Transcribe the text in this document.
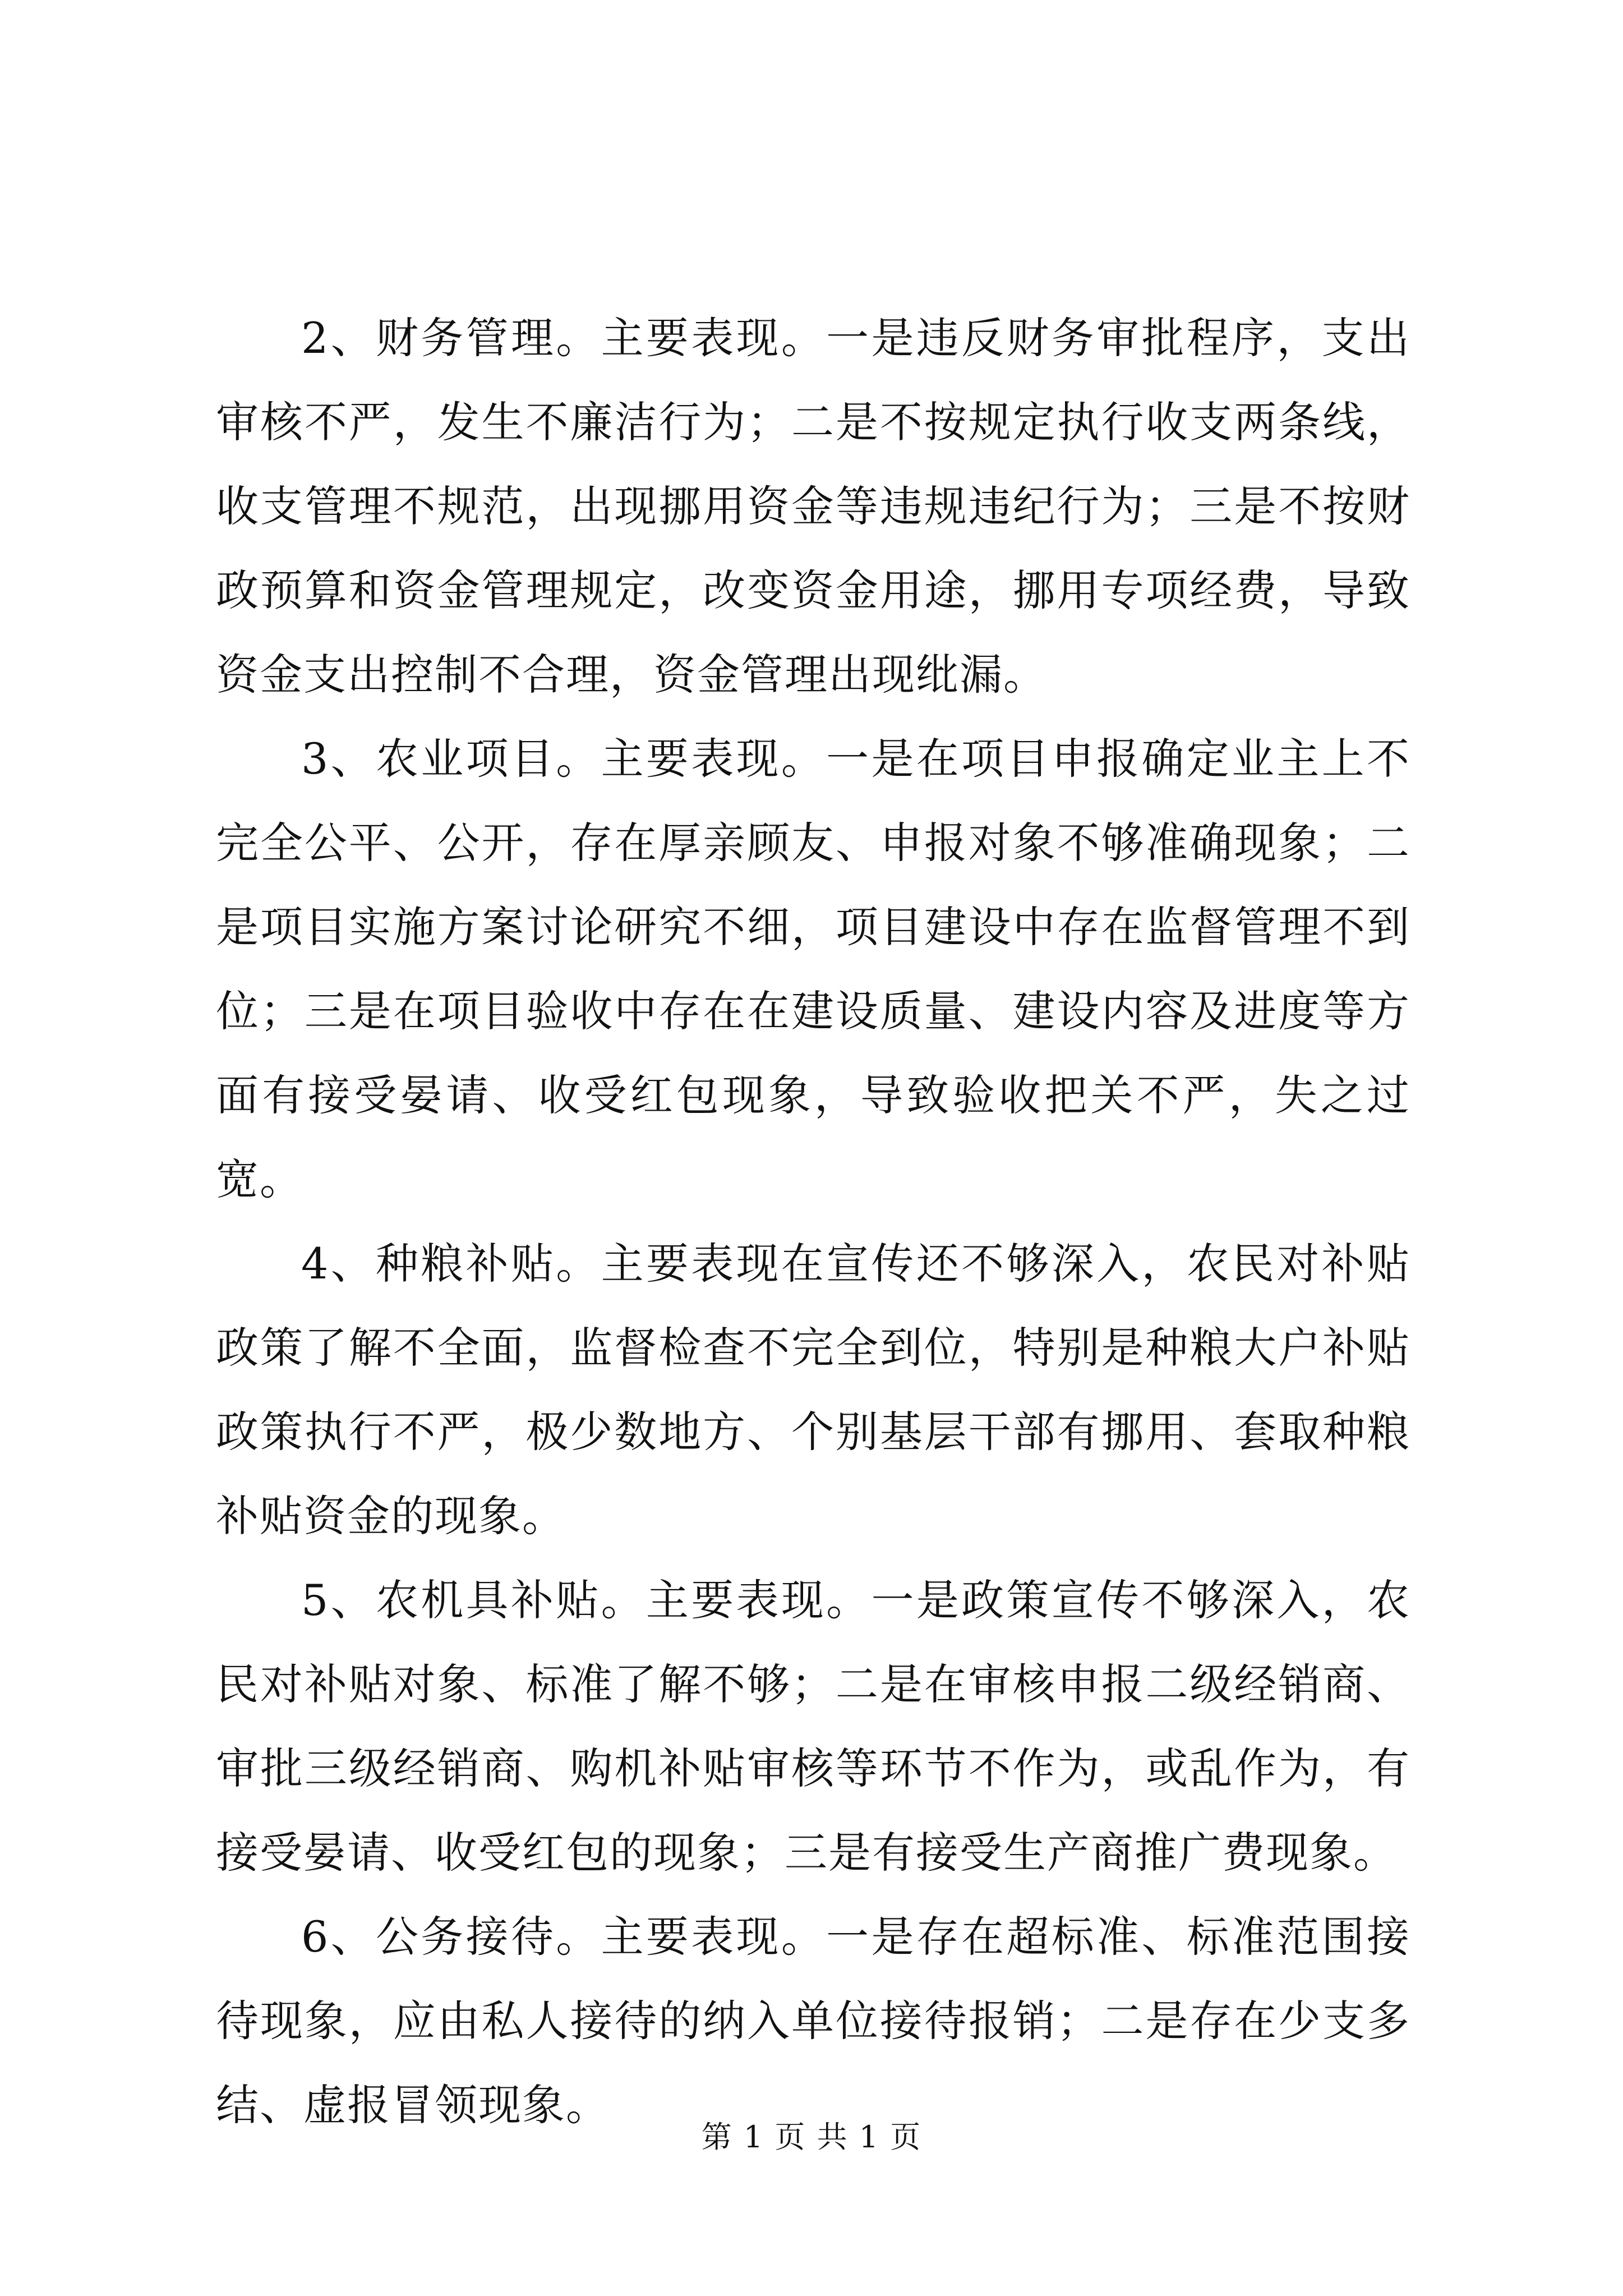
2、财务管理。主要表现。一是违反财务审批程序，支出审核不严，发生不廉洁行为；二是不按规定执行收支两条线，收支管理不规范，出现挪用资金等违规违纪行为；三是不按财政预算和资金管理规定，改变资金用途，挪用专项经费，导致资金支出控制不合理，资金管理出现纰漏。

3、农业项目。主要表现。一是在项目申报确定业主上不完全公平、公开，存在厚亲顾友、申报对象不够准确现象；二是项目实施方案讨论研究不细，项目建设中存在监督管理不到位；三是在项目验收中存在在建设质量、建设内容及进度等方面有接受晏请、收受红包现象，导致验收把关不严，失之过宽。

4、种粮补贴。主要表现在宣传还不够深入，农民对补贴政策了解不全面，监督检查不完全到位，特别是种粮大户补贴政策执行不严，极少数地方、个别基层干部有挪用、套取种粮补贴资金的现象。

5、农机具补贴。主要表现。一是政策宣传不够深入，农民对补贴对象、标准了解不够；二是在审核申报二级经销商、审批三级经销商、购机补贴审核等环节不作为，或乱作为，有接受晏请、收受红包的现象；三是有接受生产商推广费现象。

6、公务接待。主要表现。一是存在超标准、标准范围接待现象，应由私人接待的纳入单位接待报销；二是存在少支多结、虚报冒领现象。

第 1 页 共 1 页
